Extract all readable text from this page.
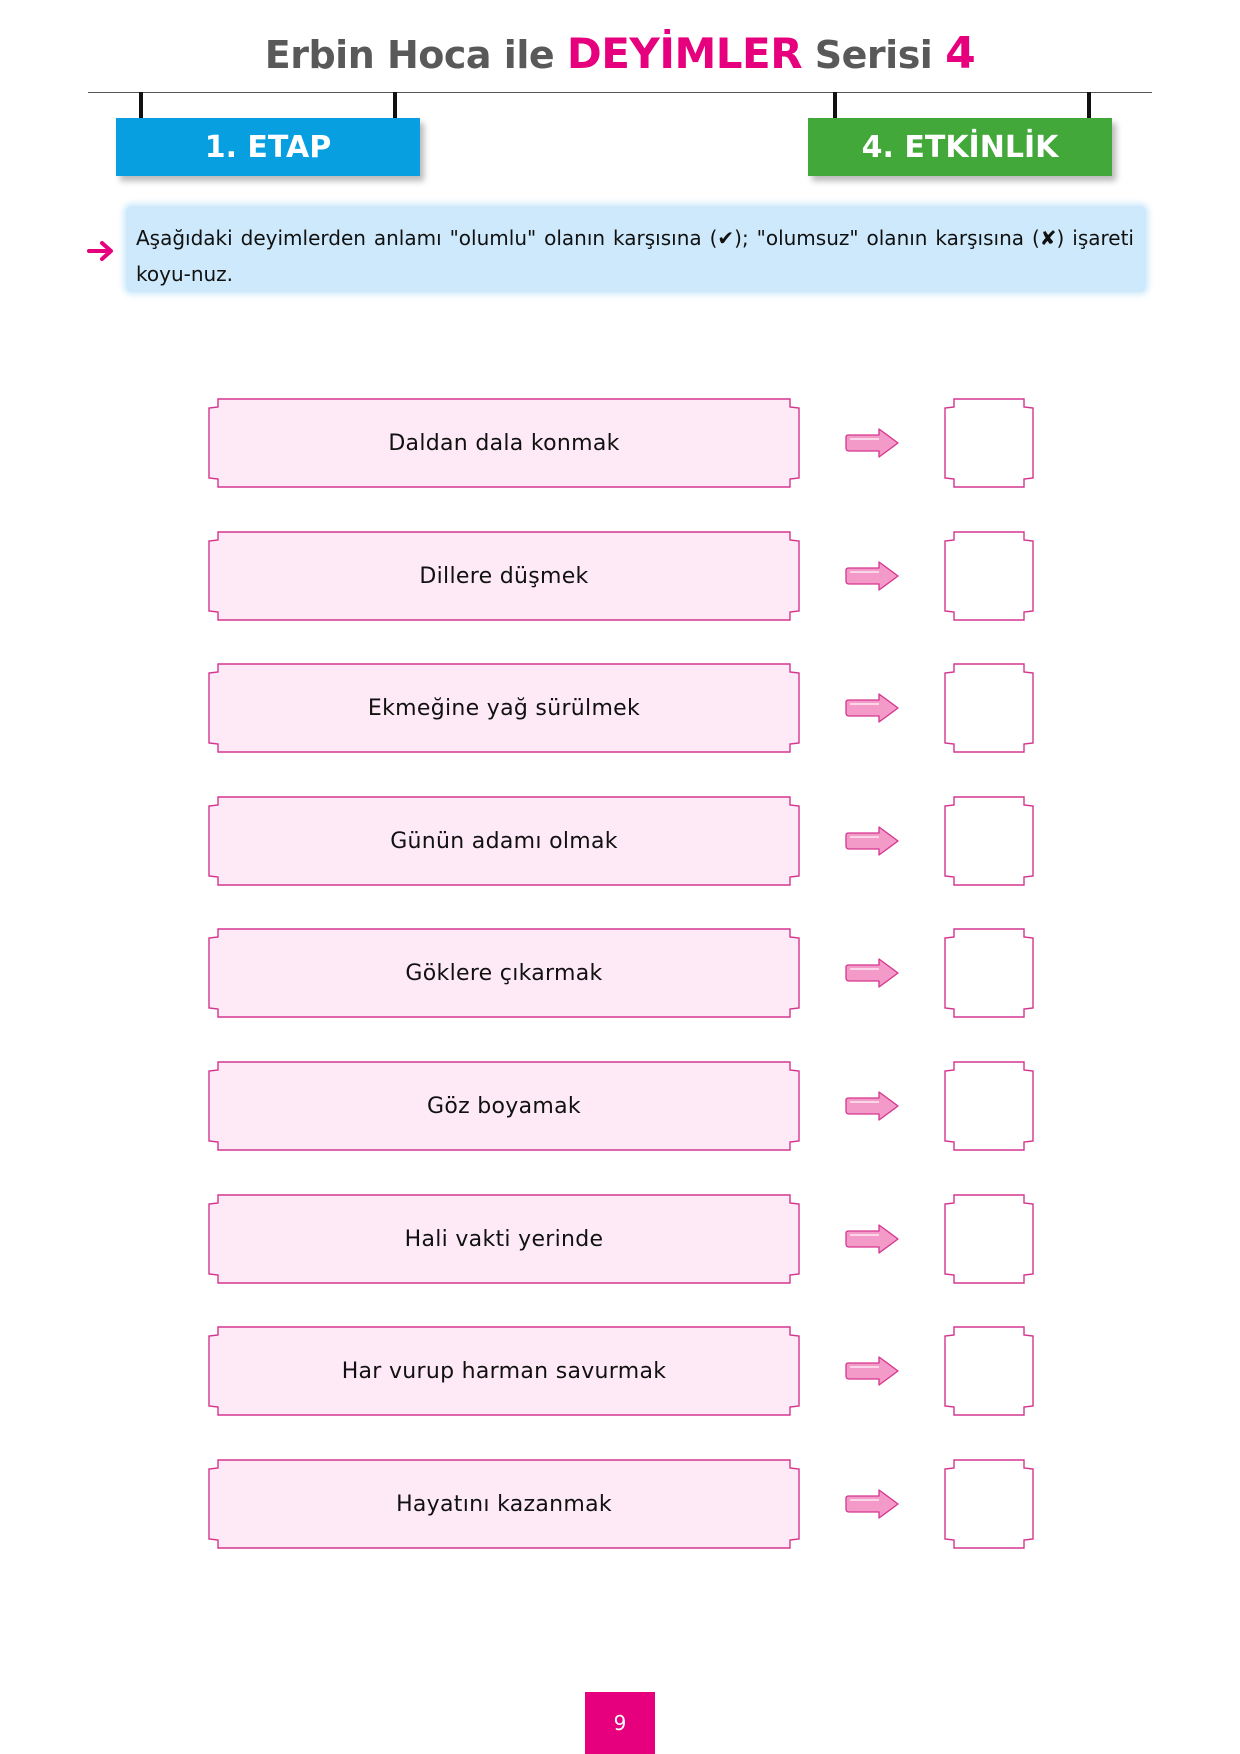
Erbin Hoca ile DEYİMLER Serisi 4
1. ETAP	4. ETKİNLİK
Aşağıdaki deyimlerden anlamı "olumlu" olanın karşısına (✔); "olumsuz" olanın karşısına (✘) işareti koyu-nuz.
Daldan dala konmak
Dillere düşmek
Ekmeğine yağ sürülmek
Günün adamı olmak
Göklere çıkarmak
Göz boyamak
Hali vakti yerinde
Har vurup harman savurmak
Hayatını kazanmak
9
